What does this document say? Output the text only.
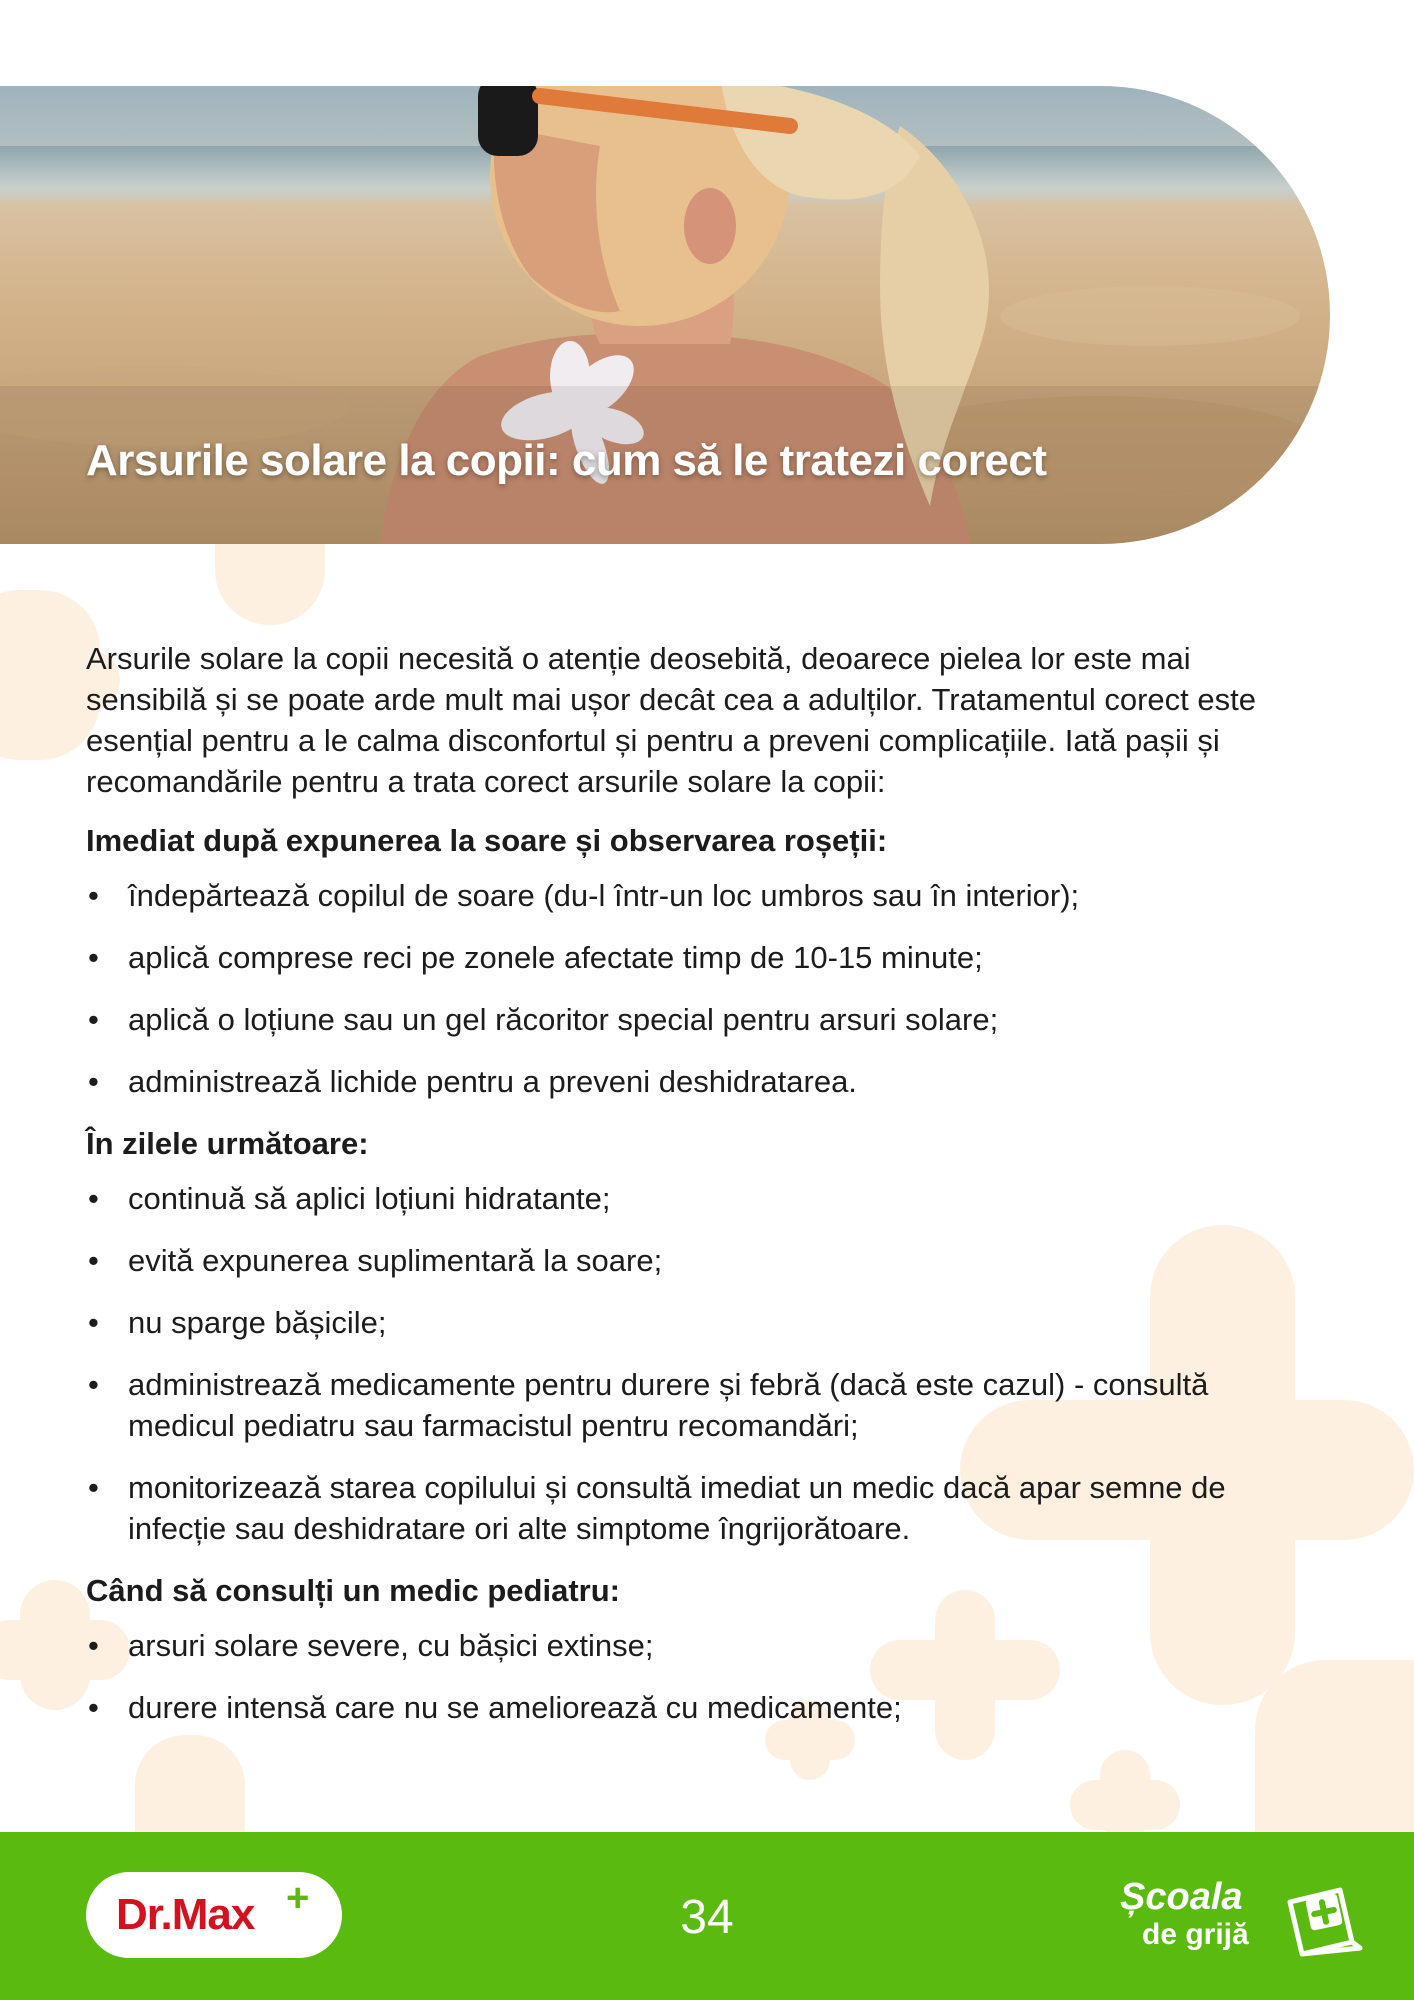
Arsurile solare la copii: cum să le tratezi corect

Arsurile solare la copii necesită o atenție deosebită, deoarece pielea lor este mai sensibilă și se poate arde mult mai ușor decât cea a adulților. Tratamentul corect este esențial pentru a le calma disconfortul și pentru a preveni complicațiile. Iată pașii și recomandările pentru a trata corect arsurile solare la copii:

Imediat după expunerea la soare și observarea roșeții:
• îndepărtează copilul de soare (du-l într-un loc umbros sau în interior);
• aplică comprese reci pe zonele afectate timp de 10-15 minute;
• aplică o loțiune sau un gel răcoritor special pentru arsuri solare;
• administrează lichide pentru a preveni deshidratarea.
În zilele următoare:
• continuă să aplici loțiuni hidratante;
• evită expunerea suplimentară la soare;
• nu sparge bășicile;
• administrează medicamente pentru durere și febră (dacă este cazul) - consultă medicul pediatru sau farmacistul pentru recomandări;
• monitorizează starea copilului și consultă imediat un medic dacă apar semne de infecție sau deshidratare ori alte simptome îngrijorătoare.
Când să consulți un medic pediatru:
• arsuri solare severe, cu bășici extinse;
• durere intensă care nu se ameliorează cu medicamente;
Dr.Max +	34	Școala
de grijă
